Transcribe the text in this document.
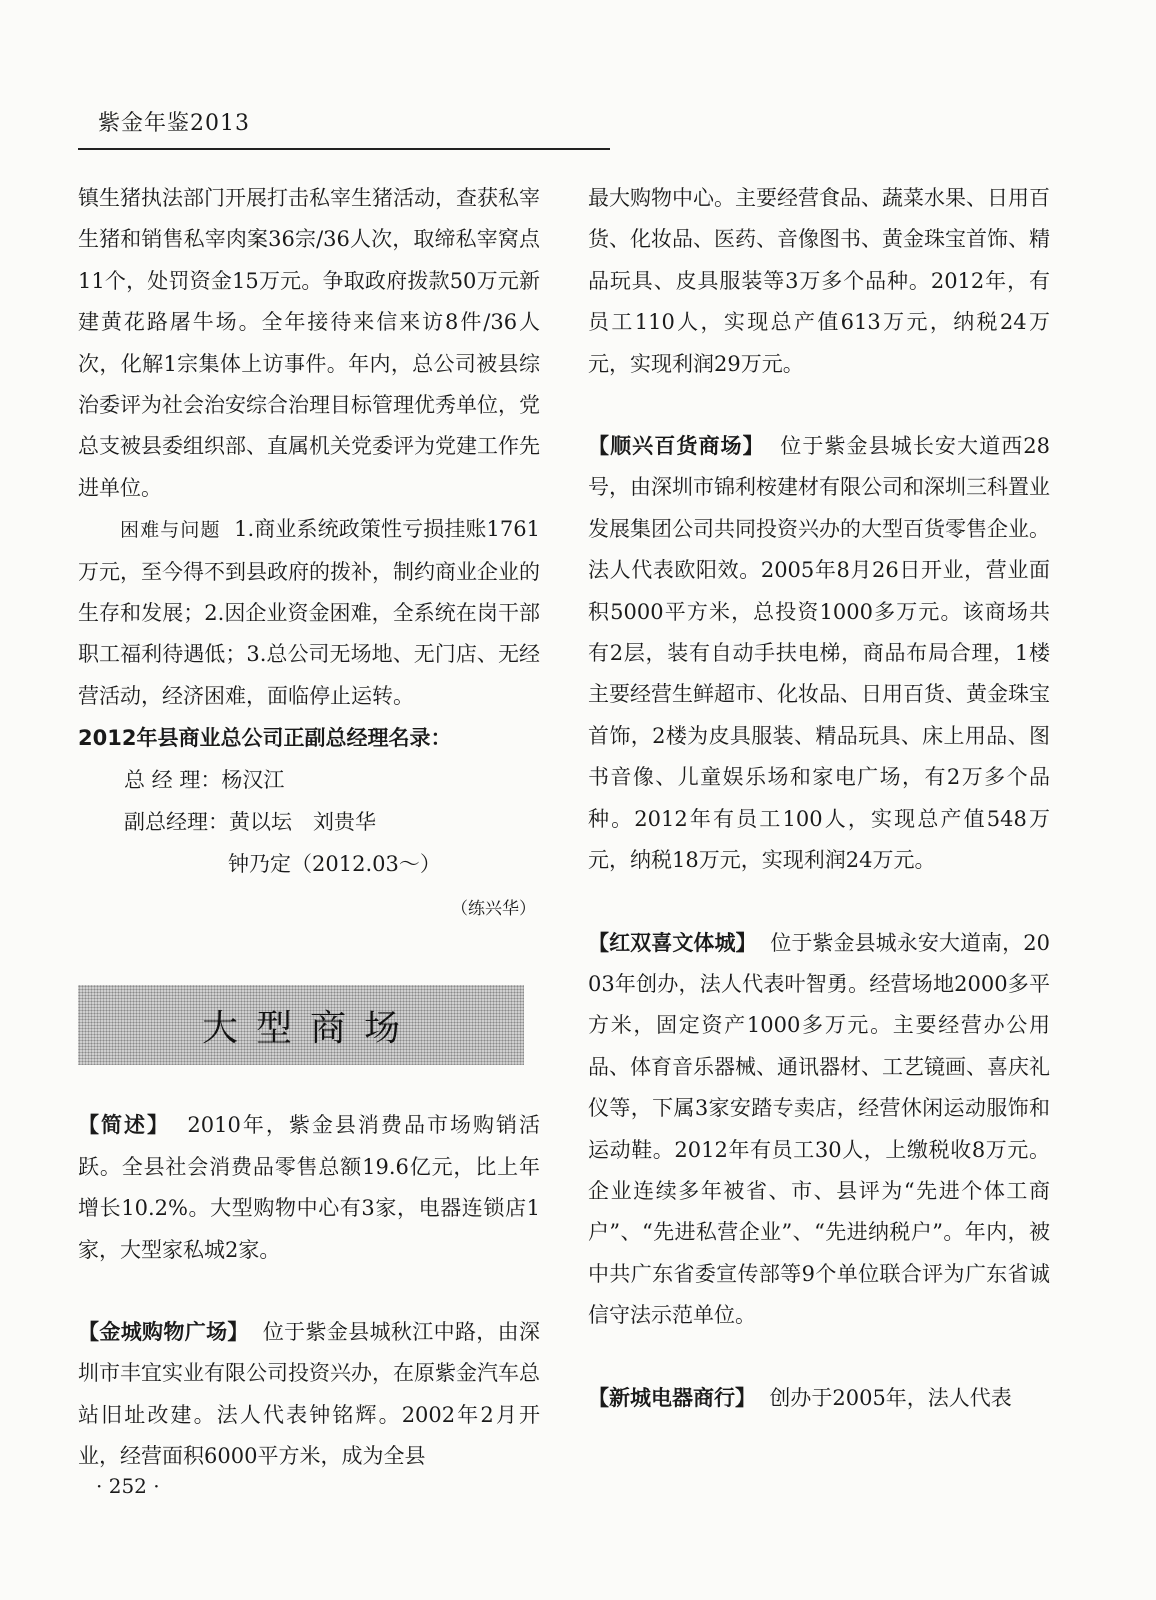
紫金年鉴2013

镇生猪执法部门开展打击私宰生猪活动，查获私宰生猪和销售私宰肉案36宗/36人次，取缔私宰窝点11个，处罚资金15万元。争取政府拨款50万元新建黄花路屠牛场。全年接待来信来访8件/36人次，化解1宗集体上访事件。年内，总公司被县综治委评为社会治安综合治理目标管理优秀单位，党总支被县委组织部、直属机关党委评为党建工作先进单位。

困难与问题 1.商业系统政策性亏损挂账1761万元，至今得不到县政府的拨补，制约商业企业的生存和发展；2.因企业资金困难，全系统在岗干部职工福利待遇低；3.总公司无场地、无门店、无经营活动，经济困难，面临停止运转。

2012年县商业总公司正副总经理名录：

总 经 理：杨汉江

副总经理：黄以坛　刘贵华

钟乃定（2012.03～）

（练兴华）

大型商场

【简述】 2010年，紫金县消费品市场购销活跃。全县社会消费品零售总额19.6亿元，比上年增长10.2%。大型购物中心有3家，电器连锁店1家，大型家私城2家。

【金城购物广场】 位于紫金县城秋江中路，由深圳市丰宜实业有限公司投资兴办，在原紫金汽车总站旧址改建。法人代表钟铭辉。2002年2月开业，经营面积6000平方米，成为全县

最大购物中心。主要经营食品、蔬菜水果、日用百货、化妆品、医药、音像图书、黄金珠宝首饰、精品玩具、皮具服装等3万多个品种。2012年，有员工110人，实现总产值613万元，纳税24万元，实现利润29万元。

【顺兴百货商场】 位于紫金县城长安大道西28号，由深圳市锦利桉建材有限公司和深圳三科置业发展集团公司共同投资兴办的大型百货零售企业。法人代表欧阳效。2005年8月26日开业，营业面积5000平方米，总投资1000多万元。该商场共有2层，装有自动手扶电梯，商品布局合理，1楼主要经营生鲜超市、化妆品、日用百货、黄金珠宝首饰，2楼为皮具服装、精品玩具、床上用品、图书音像、儿童娱乐场和家电广场，有2万多个品种。2012年有员工100人，实现总产值548万元，纳税18万元，实现利润24万元。

【红双喜文体城】 位于紫金县城永安大道南，2003年创办，法人代表叶智勇。经营场地2000多平方米，固定资产1000多万元。主要经营办公用品、体育音乐器械、通讯器材、工艺镜画、喜庆礼仪等，下属3家安踏专卖店，经营休闲运动服饰和运动鞋。2012年有员工30人，上缴税收8万元。企业连续多年被省、市、县评为“先进个体工商户”、“先进私营企业”、“先进纳税户”。年内，被中共广东省委宣传部等9个单位联合评为广东省诚信守法示范单位。

【新城电器商行】 创办于2005年，法人代表

· 252 ·
